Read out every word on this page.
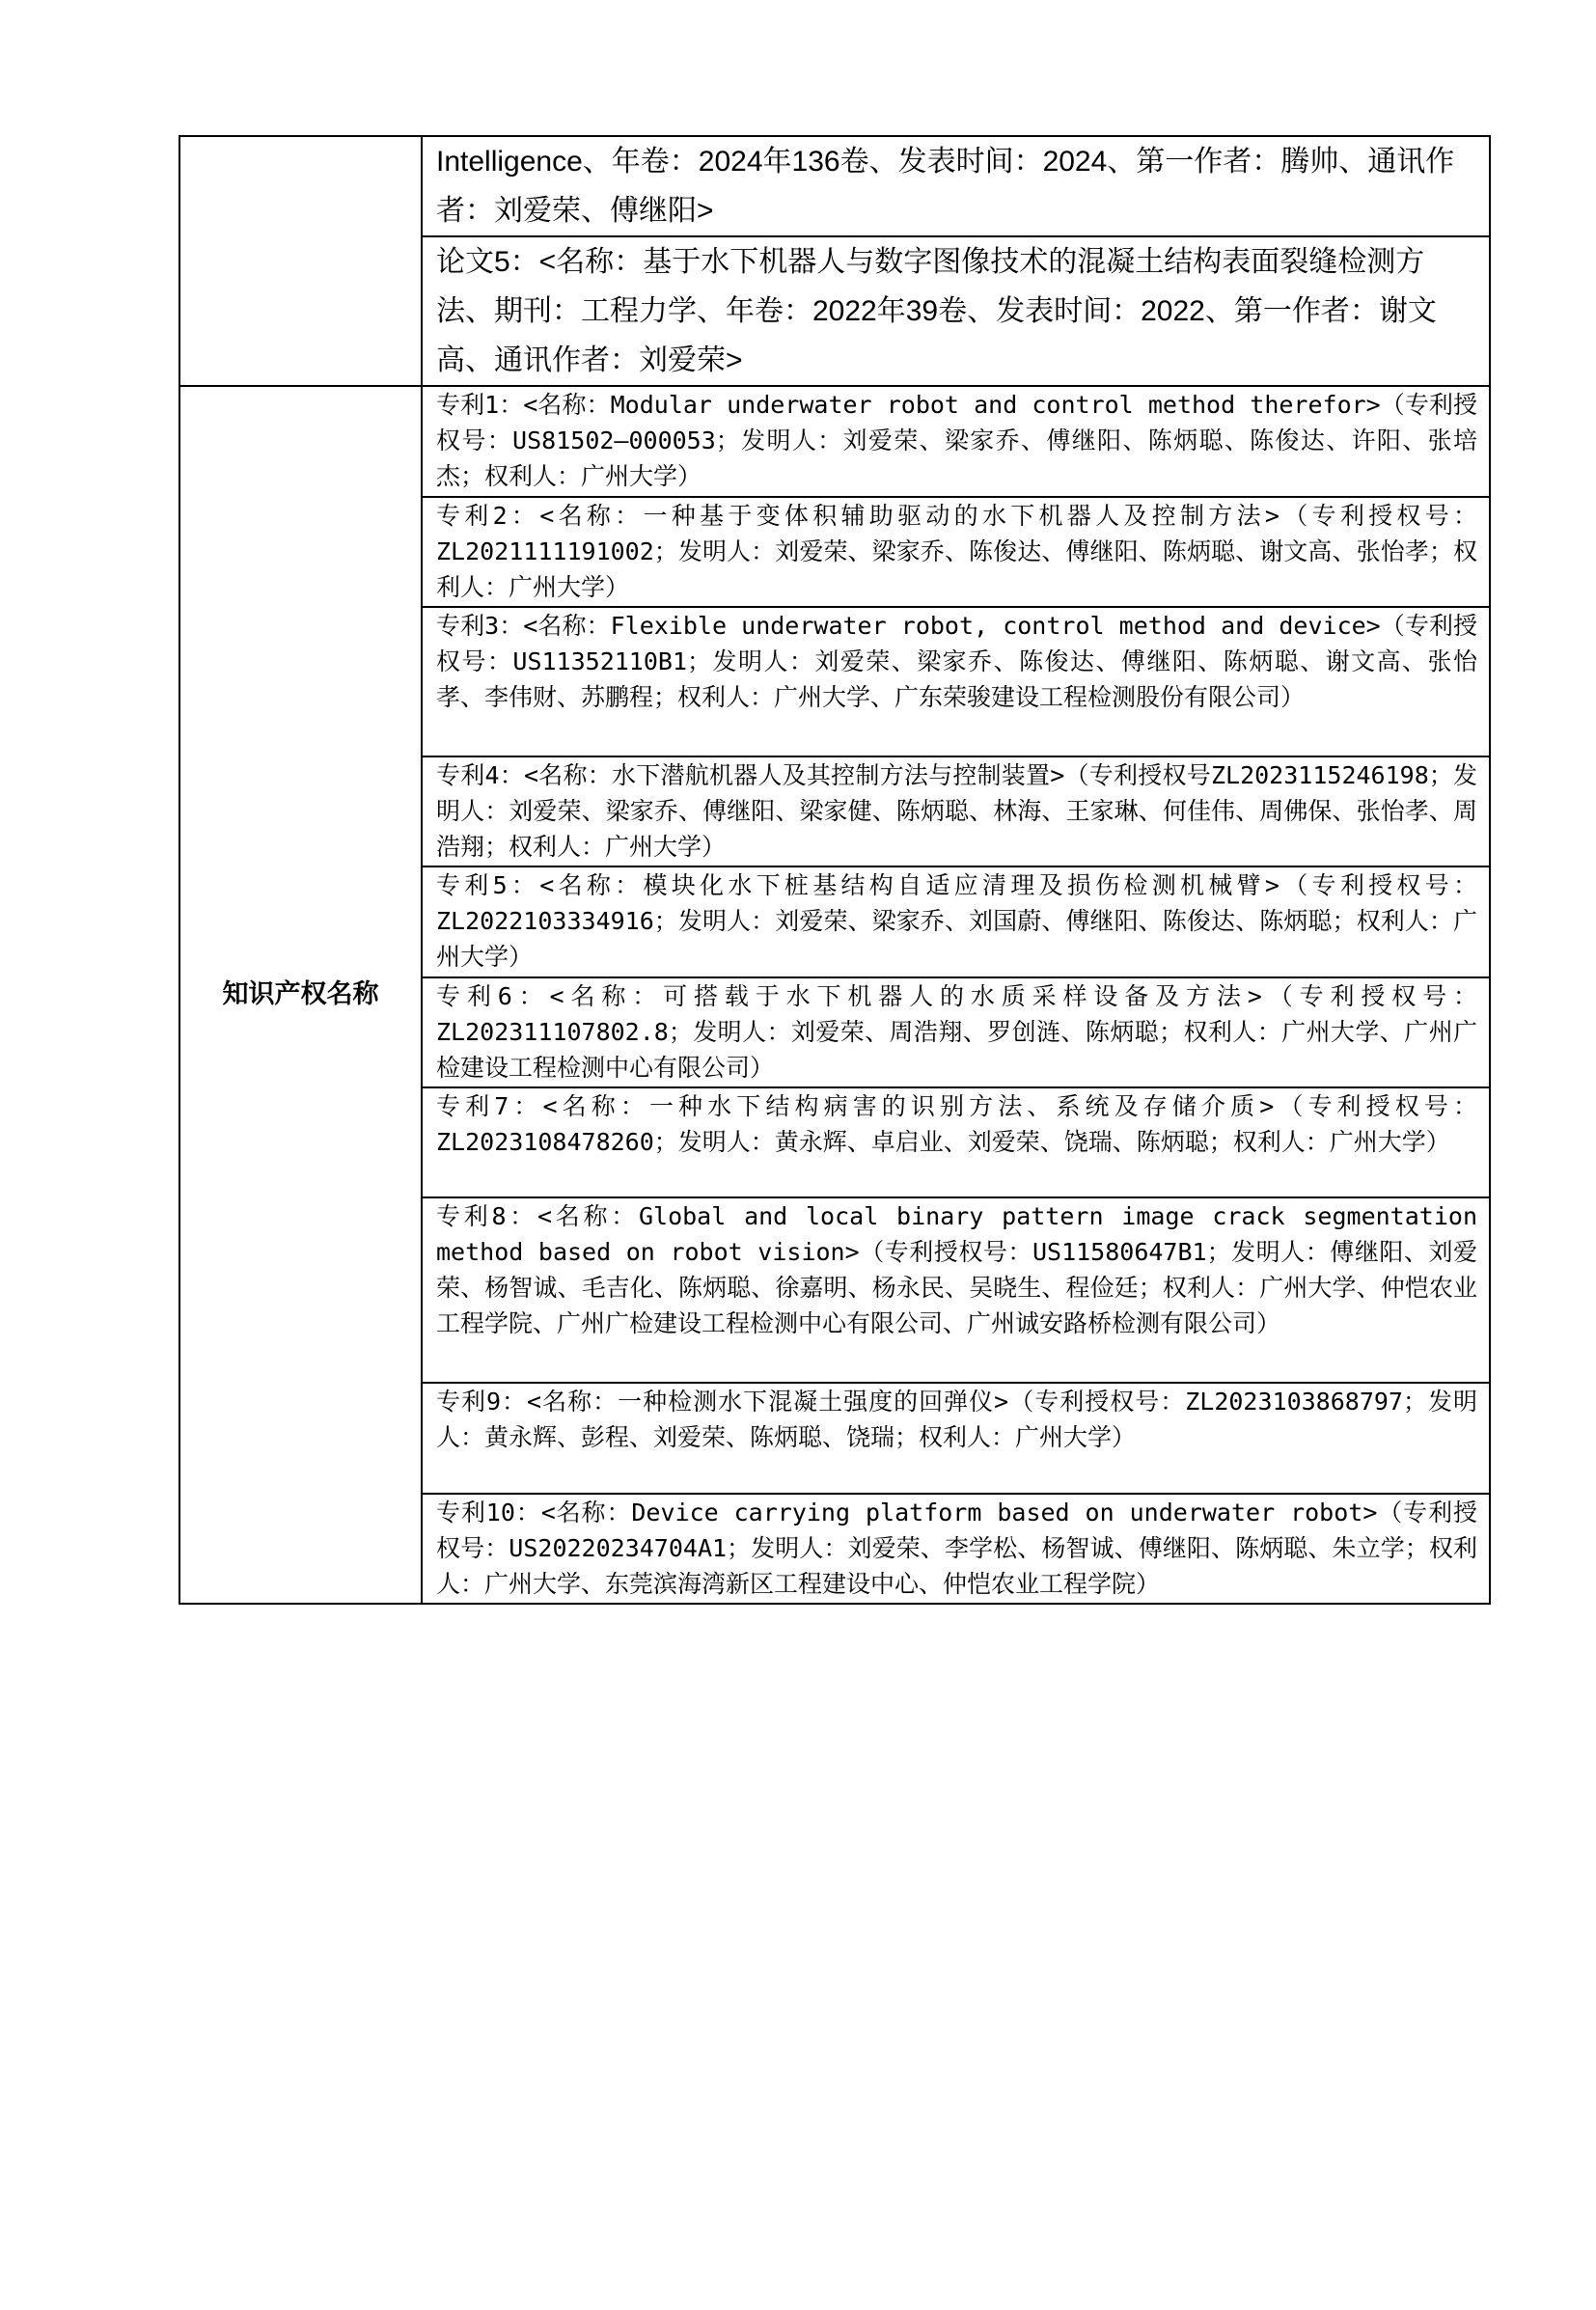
	Intelligence、年卷：2024年136卷、发表时间：2024、第一作者：腾帅、通讯作者：刘爱荣、傅继阳>

	论文5：<名称：基于水下机器人与数字图像技术的混凝土结构表面裂缝检测方法、期刊：工程力学、年卷：2022年39卷、发表时间：2022、第一作者：谢文高、通讯作者：刘爱荣>

知识产权名称	专利1：<名称：Modular underwater robot and control method therefor>（专利授权号：US81502—000053；发明人：刘爱荣、梁家乔、傅继阳、陈炳聪、陈俊达、许阳、张培杰；权利人：广州大学）

	专利2：<名称：一种基于变体积辅助驱动的水下机器人及控制方法>（专利授权号：ZL2021111191002；发明人：刘爱荣、梁家乔、陈俊达、傅继阳、陈炳聪、谢文高、张怡孝；权利人：广州大学）

	专利3：<名称：Flexible underwater robot, control method and device>（专利授权号：US11352110B1；发明人：刘爱荣、梁家乔、陈俊达、傅继阳、陈炳聪、谢文高、张怡孝、李伟财、苏鹏程；权利人：广州大学、广东荣骏建设工程检测股份有限公司）

	专利4：<名称：水下潜航机器人及其控制方法与控制装置>（专利授权号ZL2023115246198；发明人：刘爱荣、梁家乔、傅继阳、梁家健、陈炳聪、林海、王家琳、何佳伟、周佛保、张怡孝、周浩翔；权利人：广州大学）

	专利5：<名称：模块化水下桩基结构自适应清理及损伤检测机械臂>（专利授权号：ZL2022103334916；发明人：刘爱荣、梁家乔、刘国蔚、傅继阳、陈俊达、陈炳聪；权利人：广州大学）

	专利6：<名称：可搭载于水下机器人的水质采样设备及方法>（专利授权号：ZL202311107802.8；发明人：刘爱荣、周浩翔、罗创涟、陈炳聪；权利人：广州大学、广州广检建设工程检测中心有限公司）

	专利7：<名称：一种水下结构病害的识别方法、系统及存储介质>（专利授权号：ZL2023108478260；发明人：黄永辉、卓启业、刘爱荣、饶瑞、陈炳聪；权利人：广州大学）

	专利8：<名称：Global and local binary pattern image crack segmentation method based on robot vision>（专利授权号：US11580647B1；发明人：傅继阳、刘爱荣、杨智诚、毛吉化、陈炳聪、徐嘉明、杨永民、吴晓生、程俭廷；权利人：广州大学、仲恺农业工程学院、广州广检建设工程检测中心有限公司、广州诚安路桥检测有限公司）

	专利9：<名称：一种检测水下混凝土强度的回弹仪>（专利授权号：ZL2023103868797；发明人：黄永辉、彭程、刘爱荣、陈炳聪、饶瑞；权利人：广州大学）

	专利10：<名称：Device carrying platform based on underwater robot>（专利授权号：US20220234704A1；发明人：刘爱荣、李学松、杨智诚、傅继阳、陈炳聪、朱立学；权利人：广州大学、东莞滨海湾新区工程建设中心、仲恺农业工程学院）
